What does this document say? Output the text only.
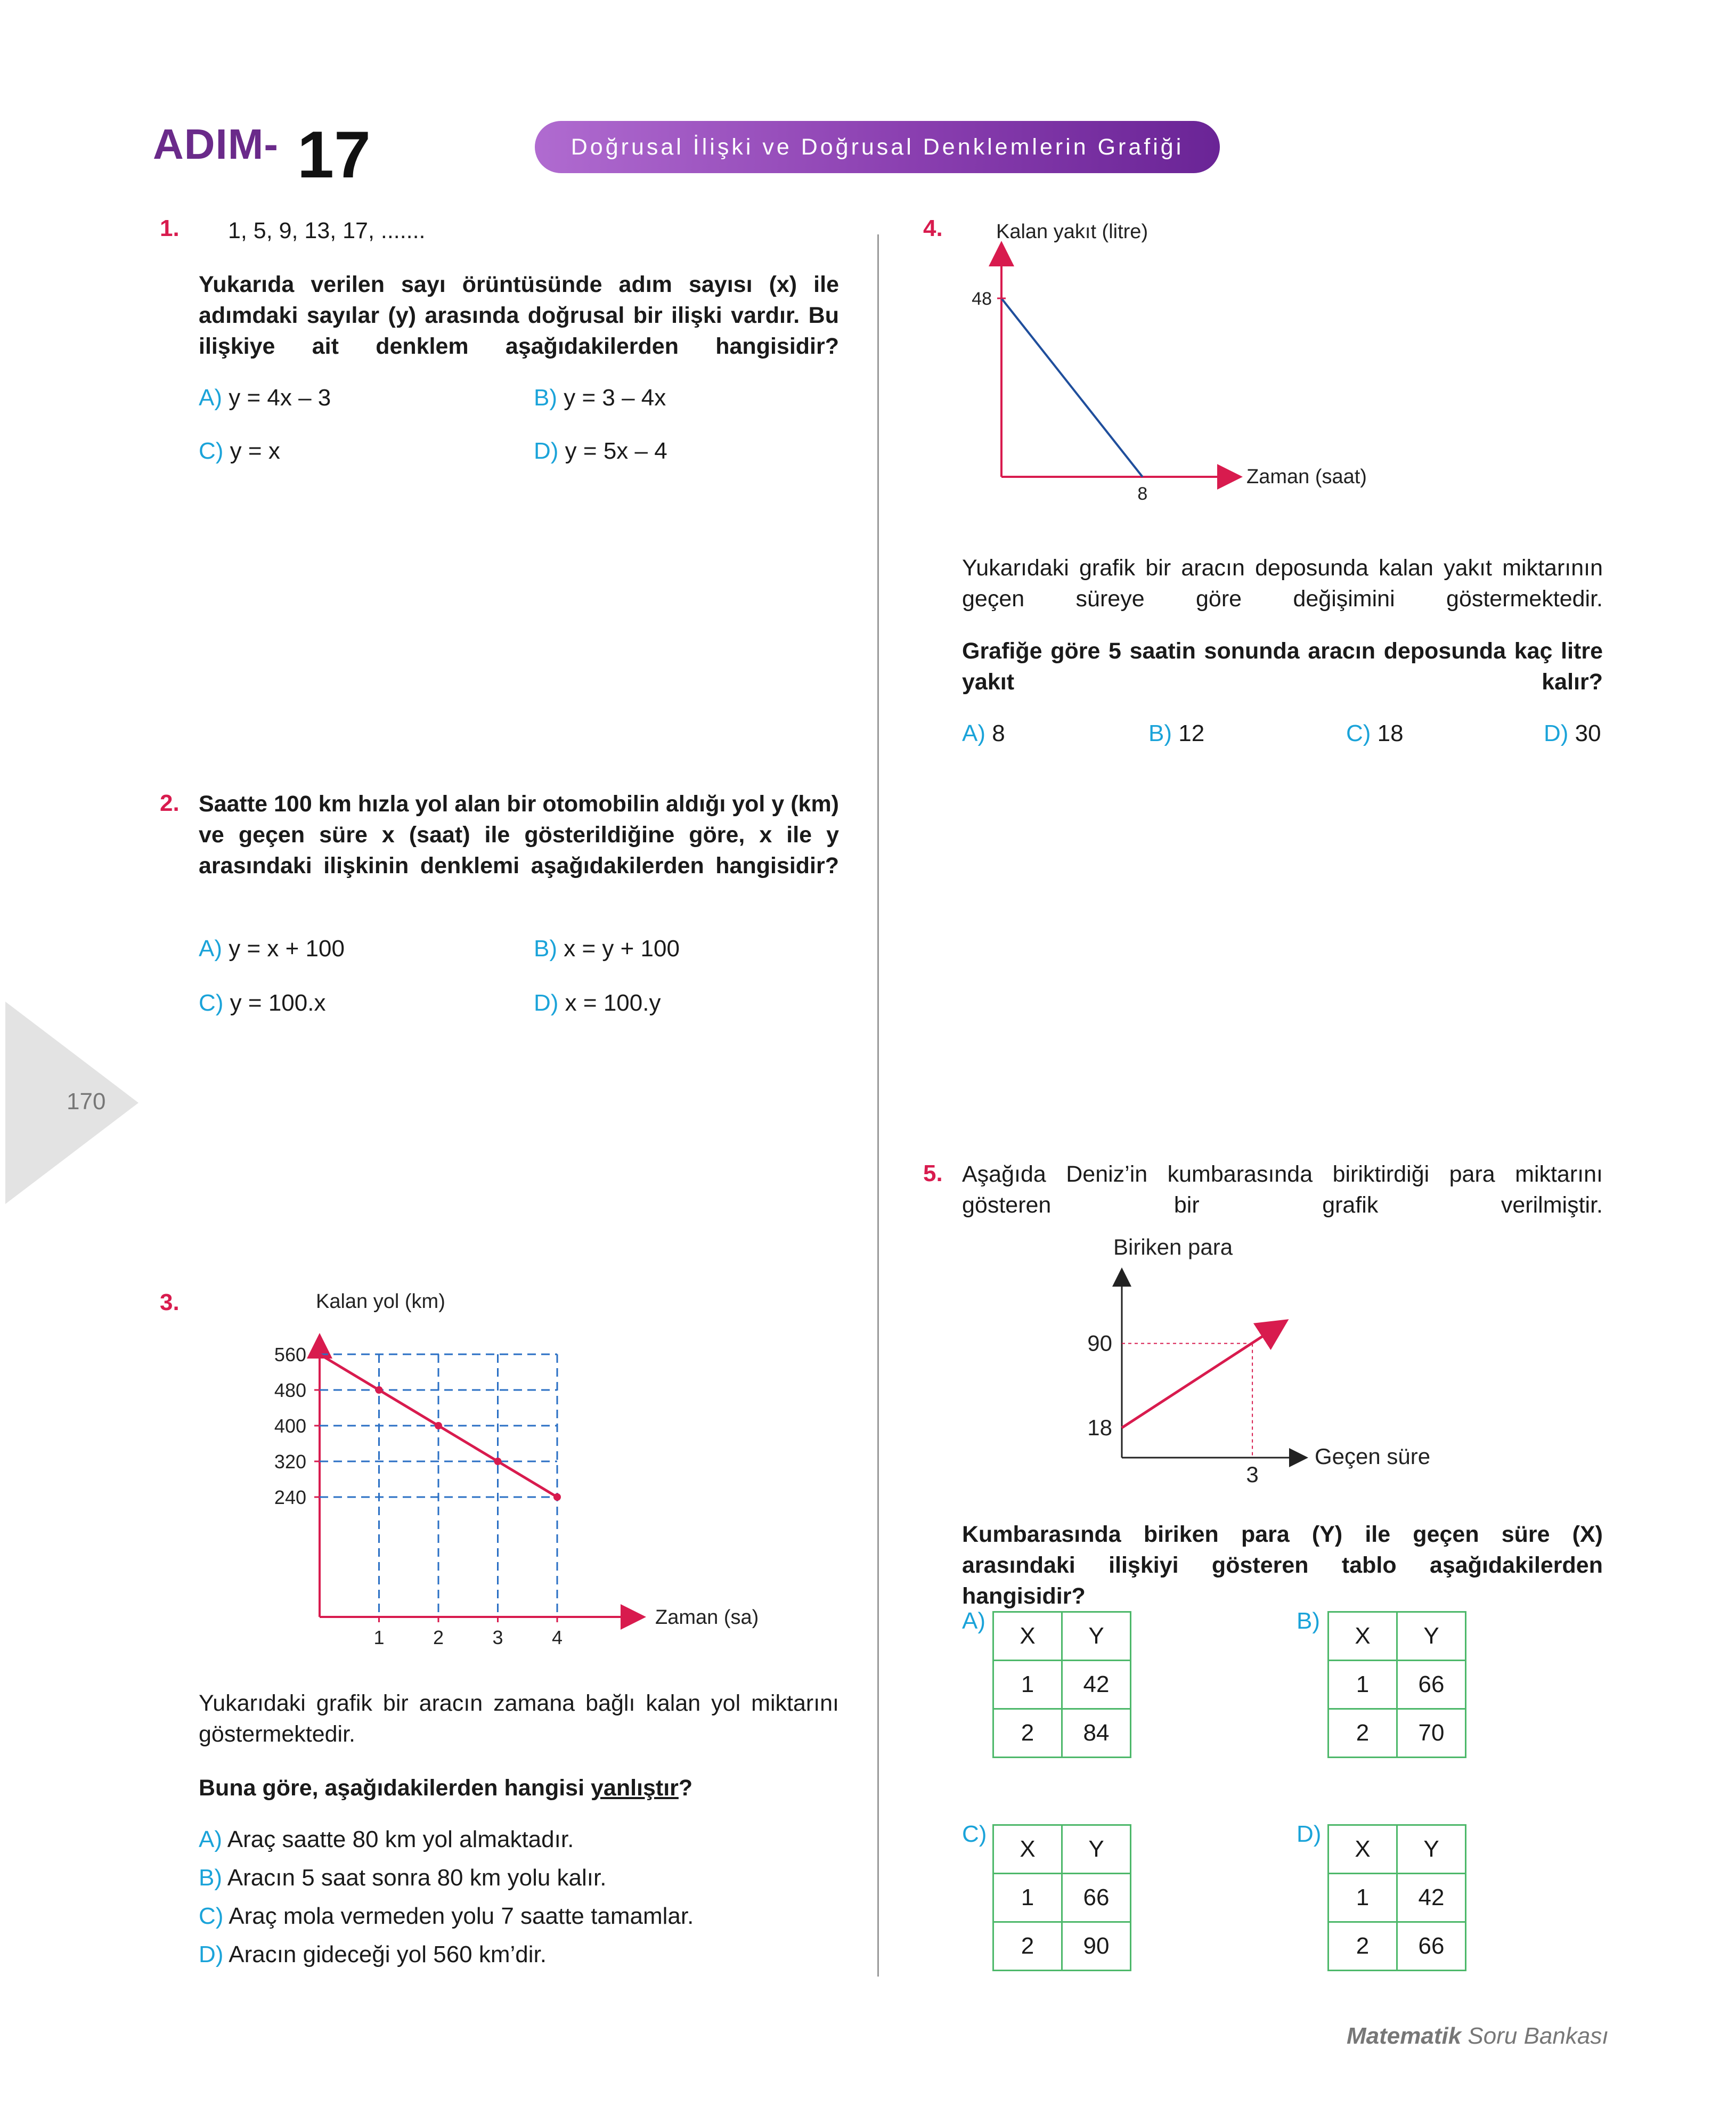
ADIM- 17	Doğrusal İlişki ve Doğrusal Denklemlerin Grafiği
170
1. 1, 5, 9, 13, 17, .......
Yukarıda verilen sayı örüntüsünde adım sayısı (x) ile adımdaki sayılar (y) arasında doğrusal bir ilişki vardır. Bu ilişkiye ait denklem aşağıdakilerden hangisidir?
A) y = 4x – 3	B) y = 3 – 4x
C) y = x	D) y = 5x – 4
2. Saatte 100 km hızla yol alan bir otomobilin aldığı yol y (km) ve geçen süre x (saat) ile gösterildiğine göre, x ile y arasındaki ilişkinin denklemi aşağıdakilerden hangisidir?
A) y = x + 100	B) x = y + 100
C) y = 100.x	D) x = 100.y
3.
560
480
400
320
240
1	2	3	4
Kalan yol (km)
Zaman (sa)
Yukarıdaki grafik bir aracın zamana bağlı kalan yol miktarını göstermektedir.
Buna göre, aşağıdakilerden hangisi yanlıştır?
A) Araç saatte 80 km yol almaktadır.
B) Aracın 5 saat sonra 80 km yolu kalır.
C) Araç mola vermeden yolu 7 saatte tamamlar.
D) Aracın gideceği yol 560 km’dir.
4.
48
8
Kalan yakıt (litre)
Zaman (saat)
Yukarıdaki grafik bir aracın deposunda kalan yakıt miktarının geçen süreye göre değişimini göstermektedir.
Grafiğe göre 5 saatin sonunda aracın deposunda kaç litre yakıt kalır?
A) 8	B) 12	C) 18	D) 30
5. Aşağıda Deniz’in kumbarasında biriktirdiği para miktarını gösteren bir grafik verilmiştir.
90
18
3
Biriken para
Geçen süre
Kumbarasında biriken para (Y) ile geçen süre (X) arasındaki ilişkiyi gösteren tablo aşağıdakilerden hangisidir?
A)
X	Y
1	42
2	84
B)
X	Y
1	66
2	70
C)
X	Y
1	66
2	90
D)
X	Y
1	42
2	66
Matematik Soru Bankası
